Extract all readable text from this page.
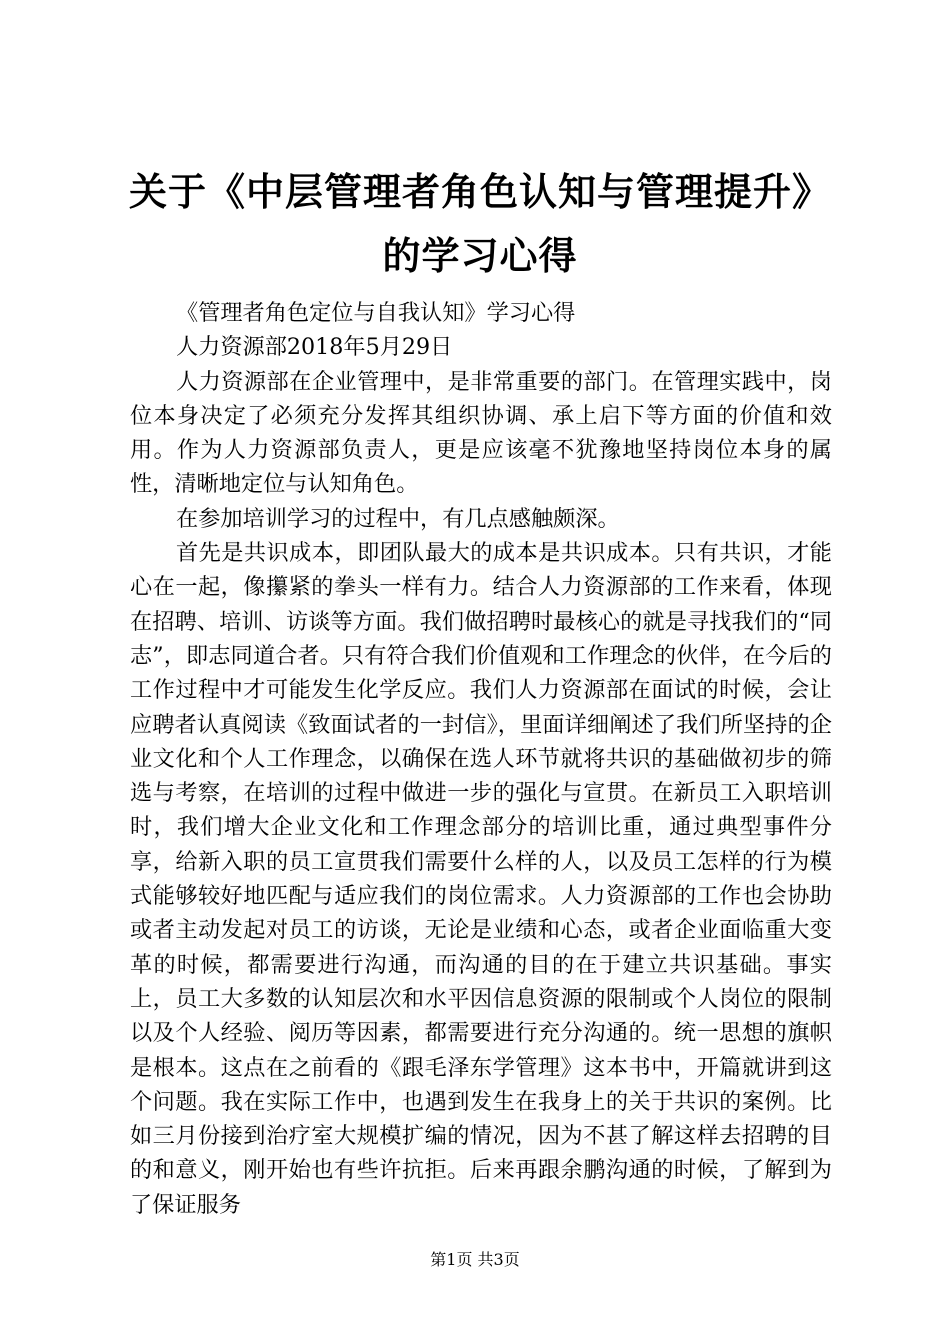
关于《中层管理者角色认知与管理提升》的学习心得

《管理者角色定位与自我认知》学习心得

人力资源部2018年5月29日

人力资源部在企业管理中，是非常重要的部门。在管理实践中，岗位本身决定了必须充分发挥其组织协调、承上启下等方面的价值和效用。作为人力资源部负责人，更是应该毫不犹豫地坚持岗位本身的属性，清晰地定位与认知角色。

在参加培训学习的过程中，有几点感触颇深。

首先是共识成本，即团队最大的成本是共识成本。只有共识，才能心在一起，像攥紧的拳头一样有力。结合人力资源部的工作来看，体现在招聘、培训、访谈等方面。我们做招聘时最核心的就是寻找我们的“同志”，即志同道合者。只有符合我们价值观和工作理念的伙伴，在今后的工作过程中才可能发生化学反应。我们人力资源部在面试的时候，会让应聘者认真阅读《致面试者的一封信》，里面详细阐述了我们所坚持的企业文化和个人工作理念，以确保在选人环节就将共识的基础做初步的筛选与考察，在培训的过程中做进一步的强化与宣贯。在新员工入职培训时，我们增大企业文化和工作理念部分的培训比重，通过典型事件分享，给新入职的员工宣贯我们需要什么样的人，以及员工怎样的行为模式能够较好地匹配与适应我们的岗位需求。人力资源部的工作也会协助或者主动发起对员工的访谈，无论是业绩和心态，或者企业面临重大变革的时候，都需要进行沟通，而沟通的目的在于建立共识基础。事实上，员工大多数的认知层次和水平因信息资源的限制或个人岗位的限制以及个人经验、阅历等因素，都需要进行充分沟通的。统一思想的旗帜是根本。这点在之前看的《跟毛泽东学管理》这本书中，开篇就讲到这个问题。我在实际工作中，也遇到发生在我身上的关于共识的案例。比如三月份接到治疗室大规模扩编的情况，因为不甚了解这样去招聘的目的和意义，刚开始也有些许抗拒。后来再跟余鹏沟通的时候，了解到为了保证服务

第1页 共3页
